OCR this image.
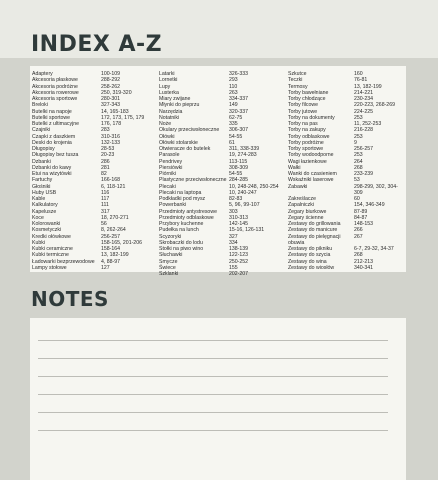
INDEX A-Z
Adaptery	100-109
Akcesoria płaskowe	288-292
Akcesoria podróżne	258-262
Akcesoria rowerowe	250, 319-320
Akcesoria sportowe	280-301
Breloki	327-343
Butelki na napoje	14, 165-183
Butelki sportowe	172, 173, 175, 179
Butelki z ultimacyjne	176, 178
Czajniki	283
Czapki z daszkiem	310-316
Deski do krojenia	132-133
Długopisy	28-53
Długopisy bez tusza	20-23
Dzbanki	286
Dzbanki do kawy	281
Etui na wizytówki	82
Fartuchy	166-168
Głośniki	6, 118-121
Huby USB	116
Kable	117
Kalkulatory	111
Kapelusze	317
Koce	18, 270-271
Kolorowanki	56
Kosmetyczki	8, 262-264
Kredki ołówkowe	256-257
Kubki	158-165, 201-206
Kubki ceramiczne	158-164
Kubki termiczne	13, 182-199
Ładowarki bezprzewodowe 4, 88-97
Lampy stołowe	127
Latarki	326-333
Lornetki	293
Lupy	110
Lusterka	263
Miary zwijane	334-337
Młynki do pieprzu	149
Narzędzia	320-337
Notatniki	62-75
Noże	335
Okulary przeciwsłoneczne 306-307
Ołówki	54-55
Ołówki stolarskie	61
Otwieracze do butelek	311, 338-339
Parasole	19, 274-283
Pendrivey	113-115
Piersiówki	308-309
Piórniki	54-55
Plastyczne przeciwsłoneczne 284-285
Plecaki	10, 248-248, 250-254
Plecaki na laptopa	10, 240-247
Podkładki pod mysz	82-83
Powerbanki	5, 96, 99-107
Przedmioty antystresowe 303
Przedmioty odblaskowe	310-313
Przybory kuchenne	142-145
Pudełka na lunch	15-16, 126-131
Scyzoryki	327
Skrobaczki do lodu	334
Stołki na piwo wino	138-139
Słuchawki	122-123
Smycze	250-252
Świece	155
Szklanki	202-207
Szkutce	160
Teczki	76-81
Termosy	13, 182-199
Torby bawełniane	214-221
Torby chłodzące	230-234
Torby filcowe	220-223, 268-269
Torby jutowe	224-225
Torby na dokumenty	253
Torby na pas	11, 252-253
Torby na zakupy	216-228
Torby odblaskowe	253
Torby podróżne	9
Torby sportowe	256-257
Torby wodoodporne	253
Wagi łazienkowe	264
Wałki	268
Wanki do czasieniem	233-239
Wskaźniki laserowe	53
Zabawki	298-299, 302, 304-
309
Zakreślacze	60
Zapalniczki	154, 346-349
Zegary biurkowe	87-89
Zegary ścienne	84-87
Zestawy do grillowania	148-153
Zestawy do manicure	266
Zestawy do pielęgnacji	267
obuwia
Zestawy do pikniku	6-7, 29-32, 34-37
Zestawy do szycia	268
Zestawy do wina	212-213
Zestawy do wiosłów	340-341
NOTES
